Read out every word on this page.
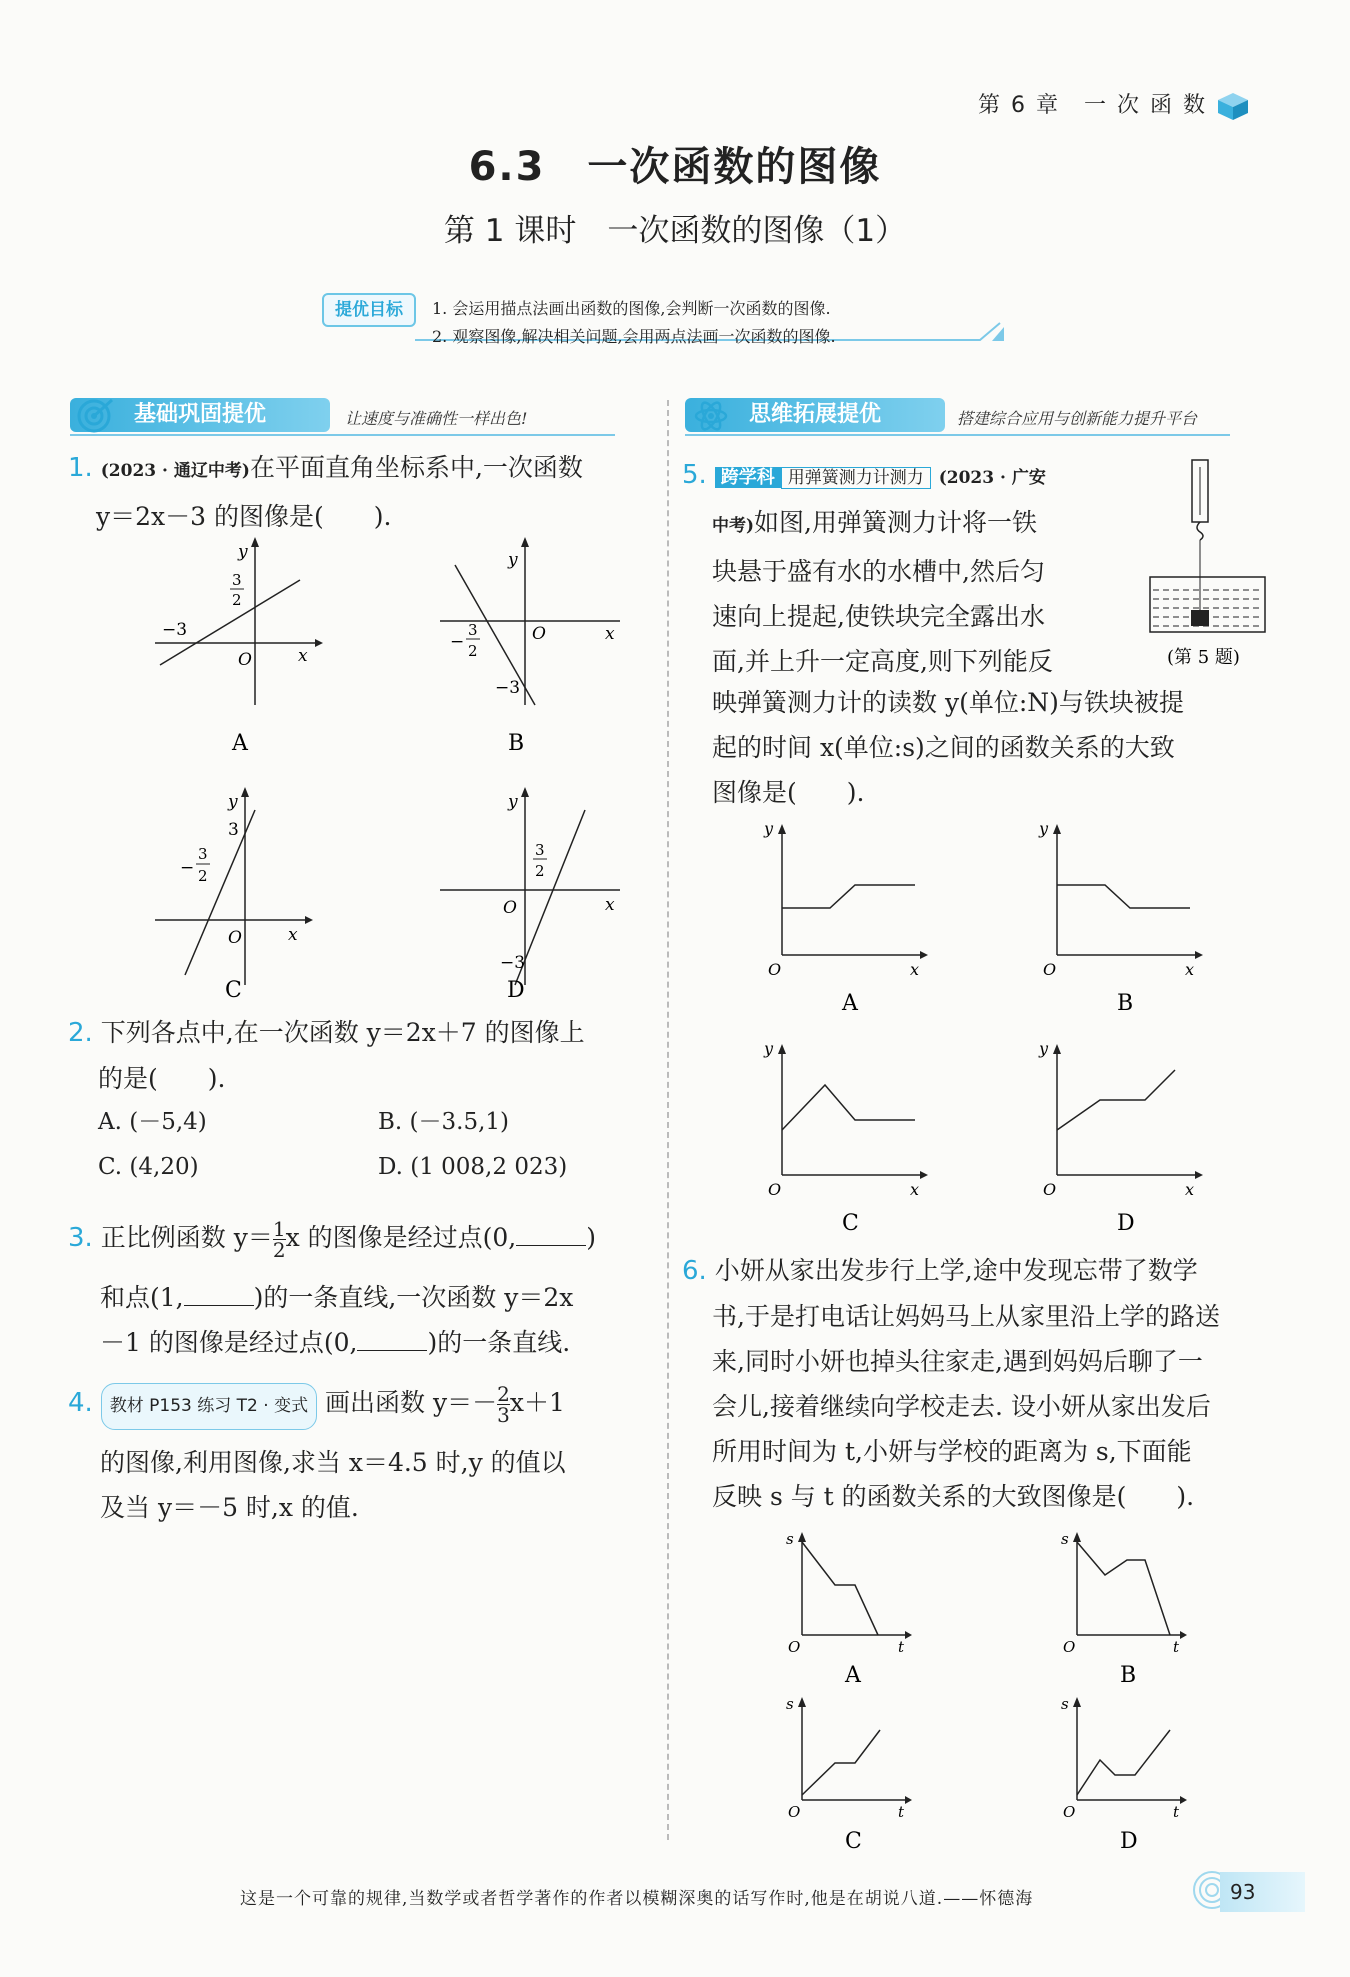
第 6 章　一 次 函 数
6.3　一次函数的图像
第 1 课时　一次函数的图像（1）
提优目标	1. 会运用描点法画出函数的图像,会判断一次函数的图像.
2. 观察图像,解决相关问题,会用两点法画一次函数的图像.
基础巩固提优	让速度与准确性一样出色!	思维拓展提优	搭建综合应用与创新能力提升平台
1. (2023 · 通辽中考)在平面直角坐标系中,一次函数
y＝2x－3 的图像是(　　).
y
x
O
−3
3
2
A
y
x
O
−3
−
3
2
B
y
x
O
3
−
3
2
C
y
x
O
−3
3
2
D
2. 下列各点中,在一次函数 y＝2x＋7 的图像上
的是(　　).
A. (－5,4)	B. (－3.5,1)
C. (4,20)	D. (1 008,2 023)
3. 正比例函数 $y= \frac{1}{2}$ x 的图像是经过点(0,	)

和点(1,	)的一条直线,一次函数 y＝2x
－1 的图像是经过点(0,	)的一条直线.
4. 教材 P153 练习 T2 · 变式 画出函数 $y=- \frac{2}{3} x+1$
的图像,利用图像,求当 x＝4.5 时,y 的值以
及当 y＝－5 时,x 的值.
5. 跨学科 用弹簧测力计测力 (2023 · 广安
中考)如图,用弹簧测力计将一铁
块悬于盛有水的水槽中,然后匀
速向上提起,使铁块完全露出水
面,并上升一定高度,则下列能反
映弹簧测力计的读数 y(单位:N)与铁块被提
起的时间 x(单位:s)之间的函数关系的大致
图像是(　　).
(第 5 题)
y
x
O
A
y
x
O
B
y
x
O
C
y
x
O
D
6. 小妍从家出发步行上学,途中发现忘带了数学
书,于是打电话让妈妈马上从家里沿上学的路送
来,同时小妍也掉头往家走,遇到妈妈后聊了一
会儿,接着继续向学校走去. 设小妍从家出发后
所用时间为 t,小妍与学校的距离为 s,下面能
反映 s 与 t 的函数关系的大致图像是(　　).
s
t
O
A
s
t
O
B
s
t
O
C
s
t
O
D
这是一个可靠的规律,当数学或者哲学著作的作者以模糊深奥的话写作时,他是在胡说八道.——怀德海	93
